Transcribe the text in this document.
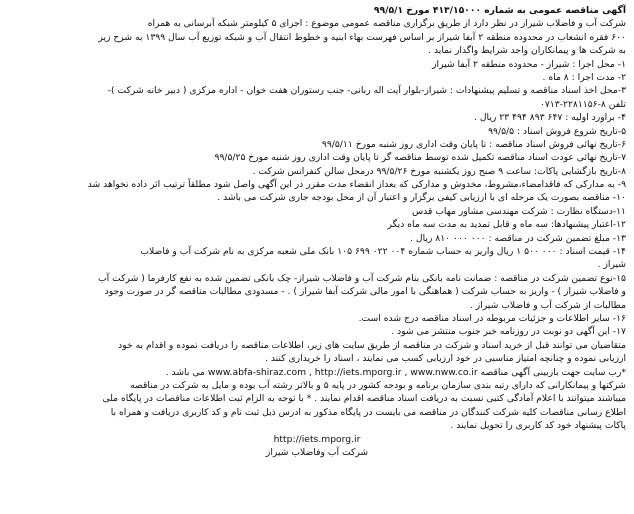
آگهی مناقصه عمومی به شماره ۴۱۳/۱۵۰۰۰ مورخ ۹۹/۵/۱
شرکت آب و فاضلاب شیراز در نظر دارد از طریق برگزاری مناقصه عمومی موضوع : اجرای ۵ کیلومتر شبکه آبرسانی به همراه
۶۰۰ فقره انشعاب در محدوده منطقه ۲ آبفا شیراز بر اساس فهرست بهاء ابنیه و خطوط انتقال آب و شبکه توزیع آب سال ۱۳۹۹ به شرح زیر
به شرکت ها و پیمانکاران واجد شرایط واگذار نماید .
۱- محل اجرا : شیراز - محدوده منطقه ۲ آبفا شیراز
۲- مدت اجرا : ۸ ماه .
۳-محل اخذ اسناد مناقصه و تسلیم پیشنهادات : شیراز-بلوار آیت اله ربانی- جنب رستوران هفت خوان - اداره مرکزی ( دبیر خانه شرکت )-
تلفن ۸-۲۲۸۱۱۵۶-۰۷۱۳
۴- براورد اولیه : ۶۴۷ ۸۹۳ ۴۹۴ ۲۳ ریال .
۵-تاریخ شروع فروش اسناد : ۹۹/۵/۵
۶-تاریخ نهائی فروش اسناد مناقصه : تا پایان وقت اداری روز شنبه مورخ ۹۹/۵/۱۱
۷-تاریخ نهائی عودت اسناد مناقصه تکمیل شده توسط مناقصه گر تا پایان وقت اداری روز شنبه مورخ ۹۹/۵/۲۵
۸-تاریخ بازگشایی پاکات: ساعت ۹ صبح روز یکشنبه مورخ ۹۹/۵/۲۶ درمحل سالن کنفرانس شرکت .
۹- به مدارکی که فاقدامضاء،مشروط، مخدوش و مدارکی که بعداز انقضاء مدت مقرر در این آگهی واصل شود مطلقاً ترتیب اثر داده نخواهد شد
۱۰- مناقصه بصورت یک مرحله ای با ارزیابی کیفی برگزار و اعتبار آن از محل بودجه جاری شرکت می باشد .
۱۱-دستگاه نظارت : شرکت مهندسی مشاور مهاب قدس
۱۲-اعتبار پیشنهادها: سه ماه و قابل تمدید به مدت سه ماه دیگر
۱۳- مبلغ تضمین شرکت در مناقصه : ۰۰۰ ۰۰۰ ۸۱۰ ریال .
۱۴- قیمت اسناد : ۰۰۰ ۵۰۰ ۱ ریال واریز به حساب شماره ۰۰۴ ۰۲۲ ۶۹۹ ۱۰۵ بانک ملی شعبه مرکزی به نام شرکت آب و فاضلاب
شیراز .
۱۵-نوع تضمین شرکت در مناقصه : ضمانت نامه بانکی بنام شرکت آب و فاضلاب شیراز- چک بانکی تضمین شده به نفع کارفرما ( شرکت آب
و فاضلاب شیراز ) - واریز به حساب شرکت ( هماهنگی با امور مالی شرکت آبفا شیراز ) . - مسدودی مطالبات مناقصه گر در صورت وجود
مطالبات از شرکت آب و فاضلاب شیراز .
۱۶- سایر اطلاعات و جزئیات مربوطه در اسناد مناقصه درج شده است.
۱۷- این آگهی دو نوبت در روزنامه خبر جنوب منتشر می شود .
متقاضیان می توانند قبل از خرید اسناد و شرکت در مناقصه از طریق سایت های زیر، اطلاعات مناقصه را دریافت نموده و اقدام به خود
ارزیابی نموده و چنانچه امتیاز مناسبی در خود ارزیابی کسب می نمایند ، اسناد را خریداری کنند .
*رب سایت جهت بازبینی آگهی مناقصه www.abfa-shiraz.com , http://iets.mporg.ir , www.nww.co.ir می باشد .
شرکتها و پیمانکارانی که دارای رتبه بندی سازمان برنامه و بودجه کشور در پایه ۵ و بالاتر رشته آب بوده و مایل به شرکت در مناقصه
میباشند میتوانند با اعلام آمادگی کتبی نسبت به دریافت اسناد مناقصه اقدام نمایند . * با توجه به الزام ثبت اطلاعات مناقصات در پایگاه ملی
اطلاع رسانی مناقصات کلیه شرکت کنندگان در مناقصه می بایست در پایگاه مذکور به ادرس ذیل ثبت نام و کد کاربری دریافت و همراه با
پاکات پیشنهاد خود کد کاربری را تحویل نمایند .
http://iets.mporg.ir
شرکت آب وفاضلاب شیراز
